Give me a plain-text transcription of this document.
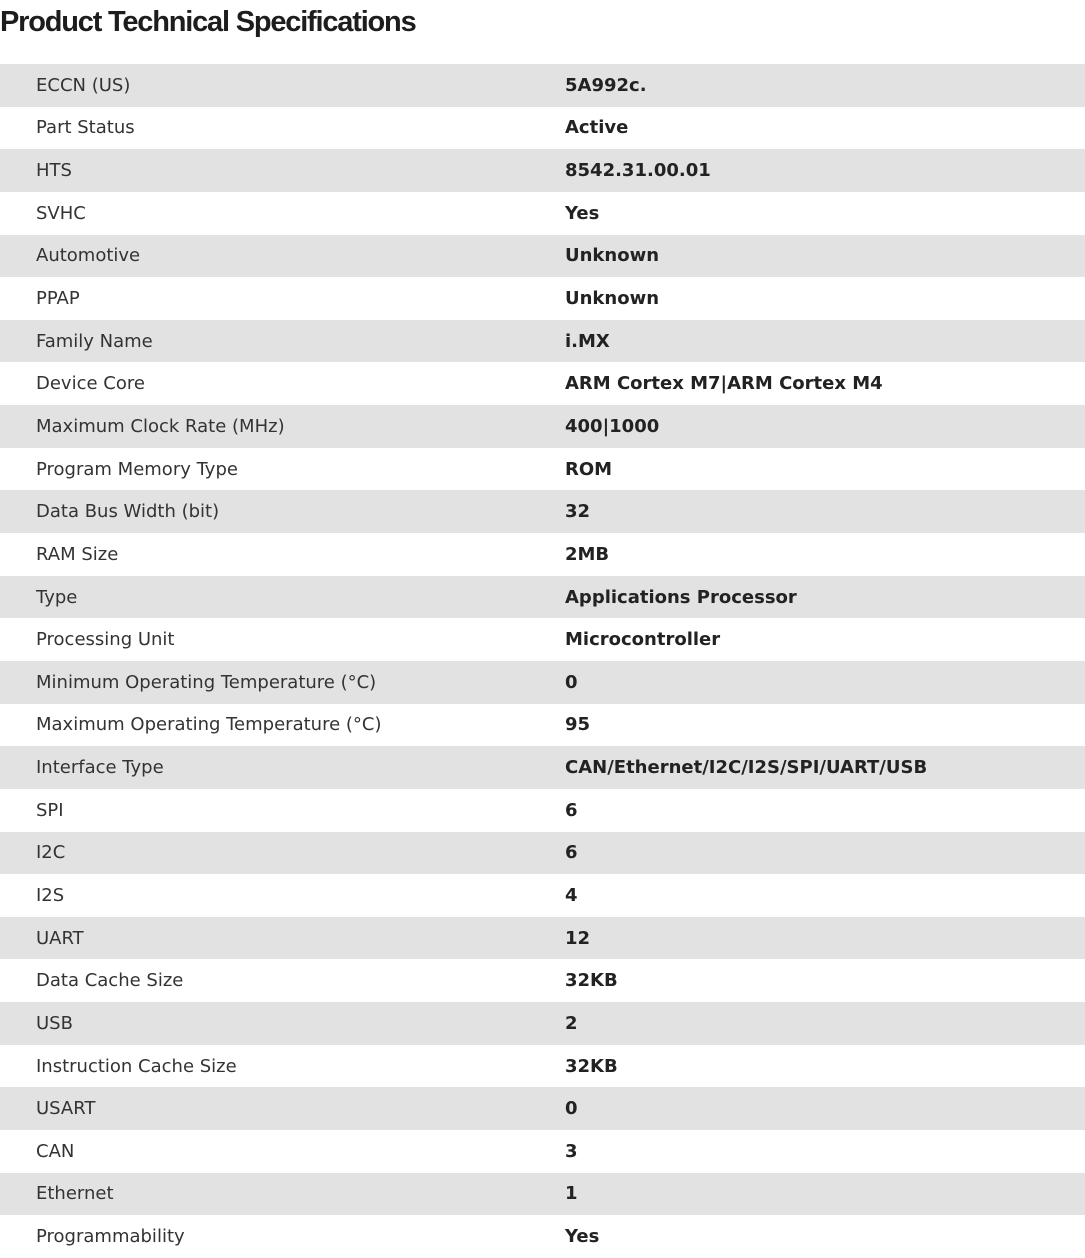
Product Technical Specifications
ECCN (US)	5A992c.
Part Status	Active
HTS	8542.31.00.01
SVHC	Yes
Automotive	Unknown
PPAP	Unknown
Family Name	i.MX
Device Core	ARM Cortex M7|ARM Cortex M4
Maximum Clock Rate (MHz)	400|1000
Program Memory Type	ROM
Data Bus Width (bit)	32
RAM Size	2MB
Type	Applications Processor
Processing Unit	Microcontroller
Minimum Operating Temperature (°C)	0
Maximum Operating Temperature (°C)	95
Interface Type	CAN/Ethernet/I2C/I2S/SPI/UART/USB
SPI	6
I2C	6
I2S	4
UART	12
Data Cache Size	32KB
USB	2
Instruction Cache Size	32KB
USART	0
CAN	3
Ethernet	1
Programmability	Yes
